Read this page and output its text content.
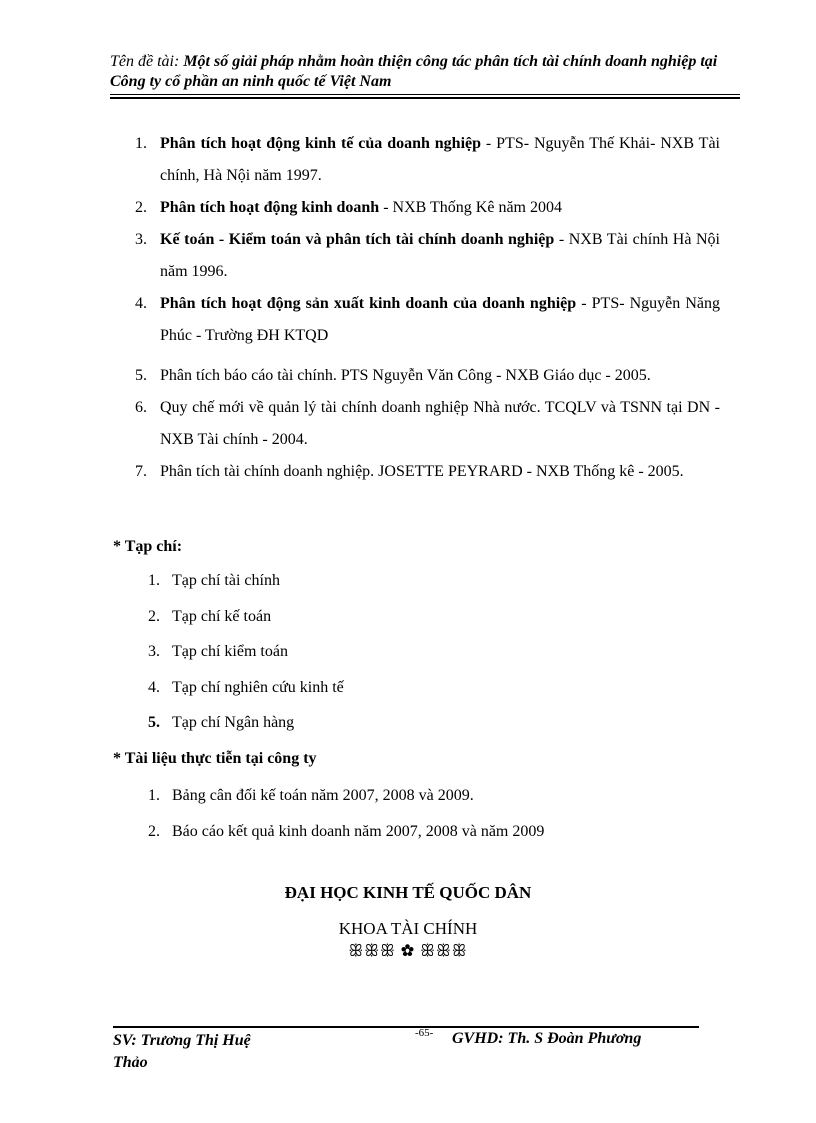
Tên đề tài: Một số giải pháp nhằm hoàn thiện công tác phân tích tài chính doanh nghiệp tại Công ty cổ phần an ninh quốc tế Việt Nam
1. Phân tích hoạt động kinh tế của doanh nghiệp - PTS- Nguyễn Thế Khải- NXB Tài chính, Hà Nội năm 1997.
2. Phân tích hoạt động kinh doanh - NXB Thống Kê năm 2004
3. Kế toán - Kiểm toán và phân tích tài chính doanh nghiệp - NXB Tài chính Hà Nội năm 1996.
4. Phân tích hoạt động sản xuất kinh doanh của doanh nghiệp - PTS- Nguyễn Năng Phúc - Trường ĐH KTQD
5. Phân tích báo cáo tài chính. PTS Nguyễn Văn Công - NXB Giáo dục - 2005.
6. Quy chế mới về quản lý tài chính doanh nghiệp Nhà nước. TCQLV và TSNN tại DN - NXB Tài chính - 2004.
7. Phân tích tài chính doanh nghiệp. JOSETTE PEYRARD - NXB Thống kê - 2005.
* Tạp chí:
1. Tạp chí tài chính
2. Tạp chí kế toán
3. Tạp chí kiểm toán
4. Tạp chí nghiên cứu kinh tế
5. Tạp chí Ngân hàng
* Tài liệu thực tiễn tại công ty
1. Bảng cân đối kế toán năm 2007, 2008 và 2009.
2. Báo cáo kết quả kinh doanh năm 2007, 2008 và năm 2009
ĐẠI HỌC KINH TẾ QUỐC DÂN
KHOA TÀI CHÍNH
ꕥꕥꕥ ✿ ꕥꕥꕥ
SV: Trương Thị Huệ Thảo
-65- GVHD: Th. S Đoàn Phương
